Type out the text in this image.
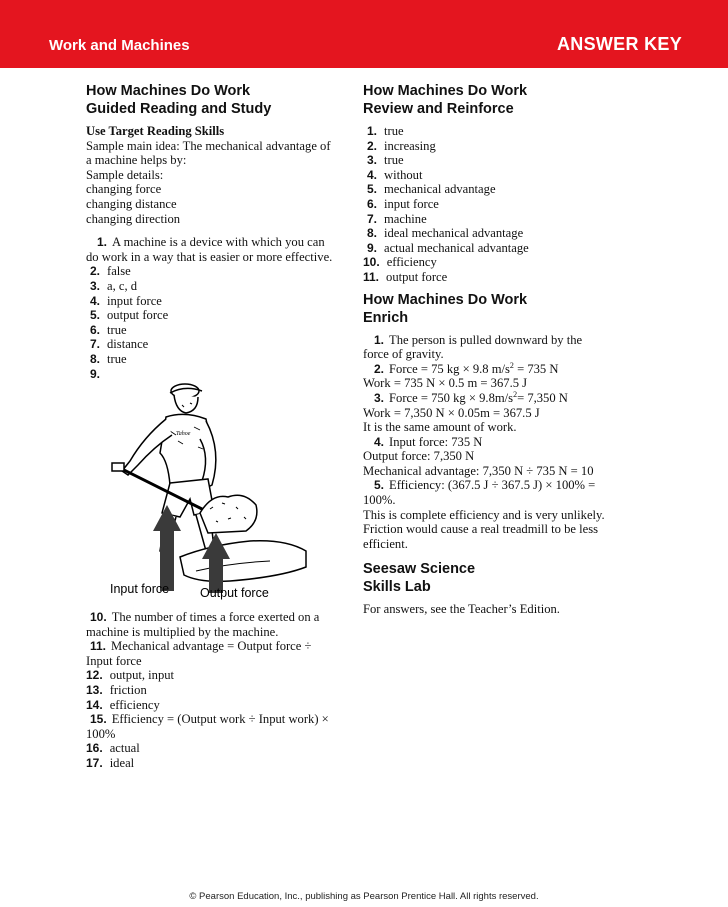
Work and Machines	ANSWER KEY
How Machines Do Work
Guided Reading and Study
Use Target Reading Skills
Sample main idea: The mechanical advantage of
a machine helps by:
Sample details:
changing force
changing distance
changing direction
1. A machine is a device with which you can
do work in a way that is easier or more effective.
2. false
3. a, c, d
4. input force
5. output force
6. true
7. distance
8. true
9.
Tahoe
Input force Output force
10. The number of times a force exerted on a
machine is multiplied by the machine.
11. Mechanical advantage = Output force ÷
Input force
12. output, input
13. friction
14. efficiency
15. Efficiency = (Output work ÷ Input work) ×
100%
16. actual
17. ideal
How Machines Do Work
Review and Reinforce
1. true
2. increasing
3. true
4. without
5. mechanical advantage
6. input force
7. machine
8. ideal mechanical advantage
9. actual mechanical advantage
10. efficiency
11. output force
How Machines Do Work
Enrich
1. The person is pulled downward by the
force of gravity.
2. Force = 75 kg × 9.8 $m/s^2 = 735$ N
Work = 735 N × 0.5 m = 367.5 J
3. Force = 750 kg × $9.8m/s^2= 7,350$ N
Work = 7,350 N × 0.05m = 367.5 J
It is the same amount of work.
4. Input force: 735 N
Output force: 7,350 N
Mechanical advantage: 7,350 N ÷ 735 N = 10
5. Efficiency: (367.5 J ÷ 367.5 J) × 100% = 100%.
This is complete efficiency and is very unlikely.
Friction would cause a real treadmill to be less
efficient.
Seesaw Science
Skills Lab
For answers, see the Teacher’s Edition.
© Pearson Education, Inc., publishing as Pearson Prentice Hall. All rights reserved.
